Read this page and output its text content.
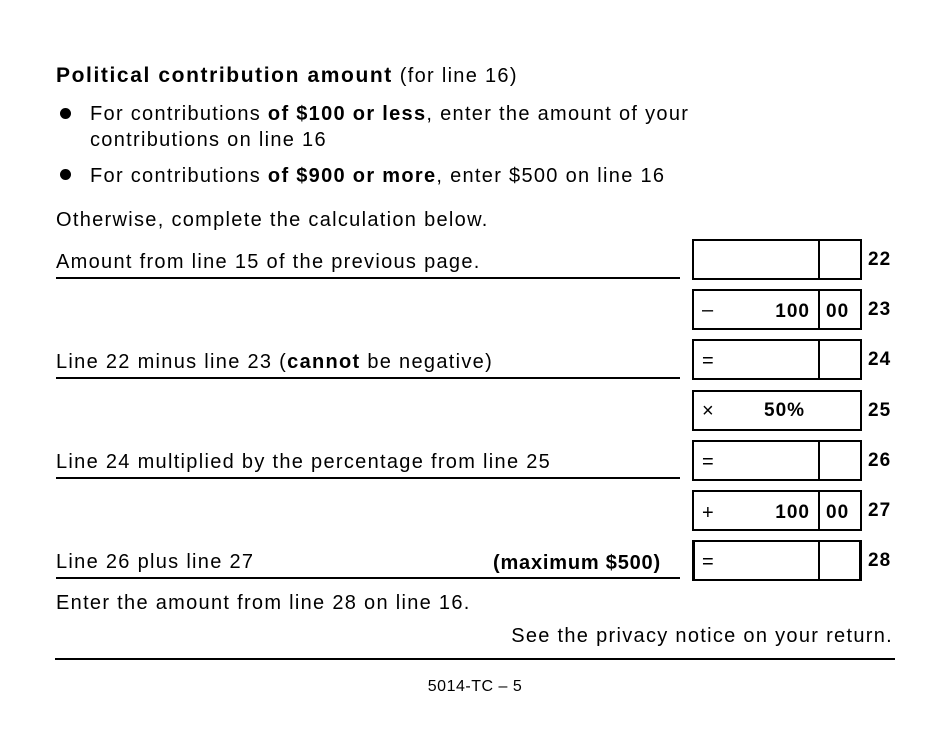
Political contribution amount (for line 16)
For contributions of $100 or less, enter the amount of your
contributions on line 16
For contributions of $900 or more, enter $500 on line 16
Otherwise, complete the calculation below.
Amount from line 15 of the previous page.	22
–	100 00 23
Line 22 minus line 23 (cannot be negative)	=	24
×	50%	25
Line 24 multiplied by the percentage from line 25	=	26
+	100 00 27
Line 26 plus line 27	(maximum $500) =	28
Enter the amount from line 28 on line 16.
See the privacy notice on your return.
5014-TC – 5
